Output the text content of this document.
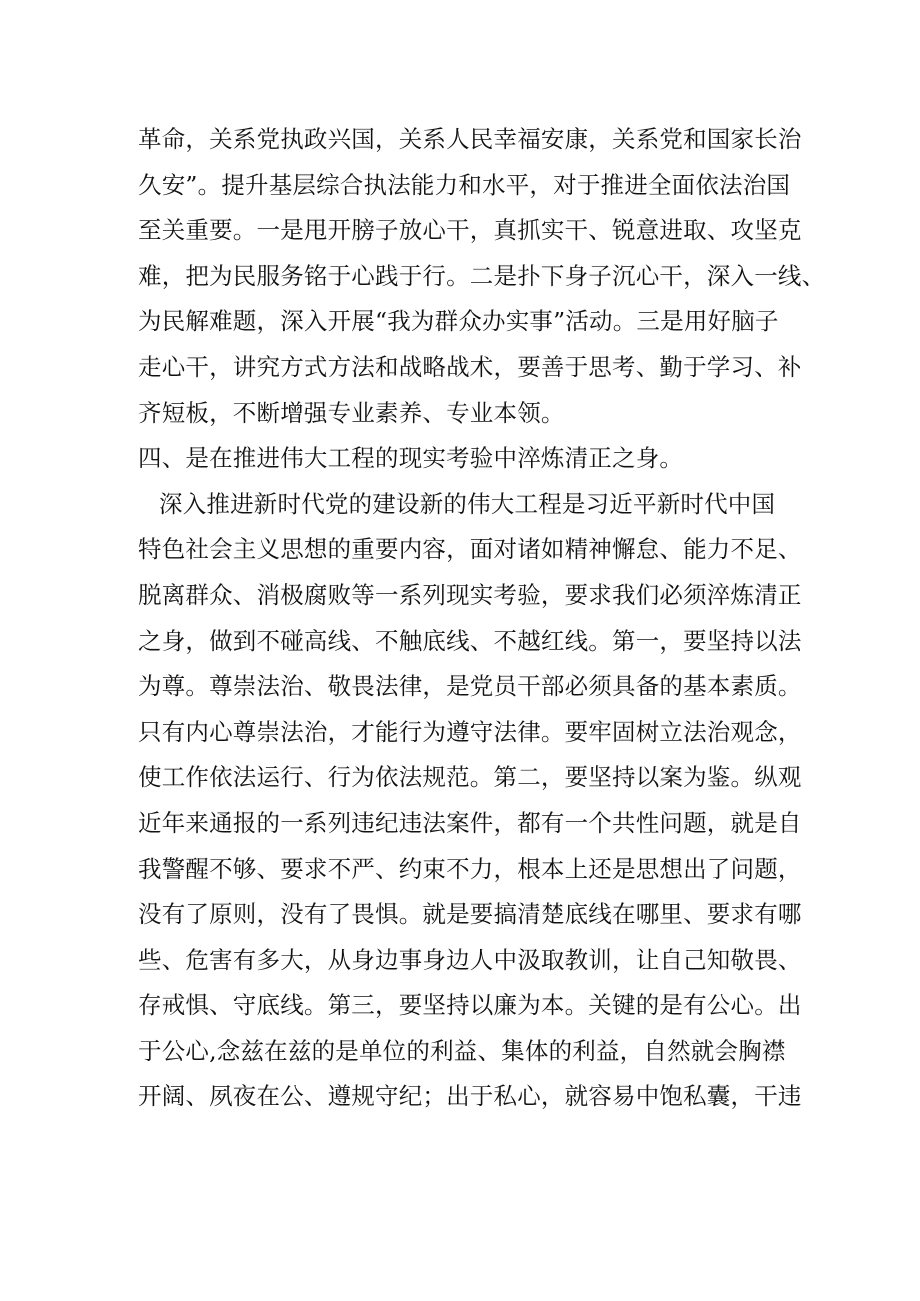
革命，关系党执政兴国，关系人民幸福安康，关系党和国家长治
久安”。提升基层综合执法能力和水平，对于推进全面依法治国
至关重要。一是甩开膀子放心干，真抓实干、锐意进取、攻坚克
难，把为民服务铭于心践于行。二是扑下身子沉心干，深入一线、
为民解难题，深入开展“我为群众办实事”活动。三是用好脑子
走心干，讲究方式方法和战略战术，要善于思考、勤于学习、补
齐短板，不断增强专业素养、专业本领。
四、是在推进伟大工程的现实考验中淬炼清正之身。
深入推进新时代党的建设新的伟大工程是习近平新时代中国
特色社会主义思想的重要内容，面对诸如精神懈怠、能力不足、
脱离群众、消极腐败等一系列现实考验，要求我们必须淬炼清正
之身，做到不碰高线、不触底线、不越红线。第一，要坚持以法
为尊。尊崇法治、敬畏法律，是党员干部必须具备的基本素质。
只有内心尊崇法治，才能行为遵守法律。要牢固树立法治观念，
使工作依法运行、行为依法规范。第二，要坚持以案为鉴。纵观
近年来通报的一系列违纪违法案件，都有一个共性问题，就是自
我警醒不够、要求不严、约束不力，根本上还是思想出了问题，
没有了原则，没有了畏惧。就是要搞清楚底线在哪里、要求有哪
些、危害有多大，从身边事身边人中汲取教训，让自己知敬畏、
存戒惧、守底线。第三，要坚持以廉为本。关键的是有公心。出
于公心,念兹在兹的是单位的利益、集体的利益，自然就会胸襟
开阔、夙夜在公、遵规守纪；出于私心，就容易中饱私囊，干违
